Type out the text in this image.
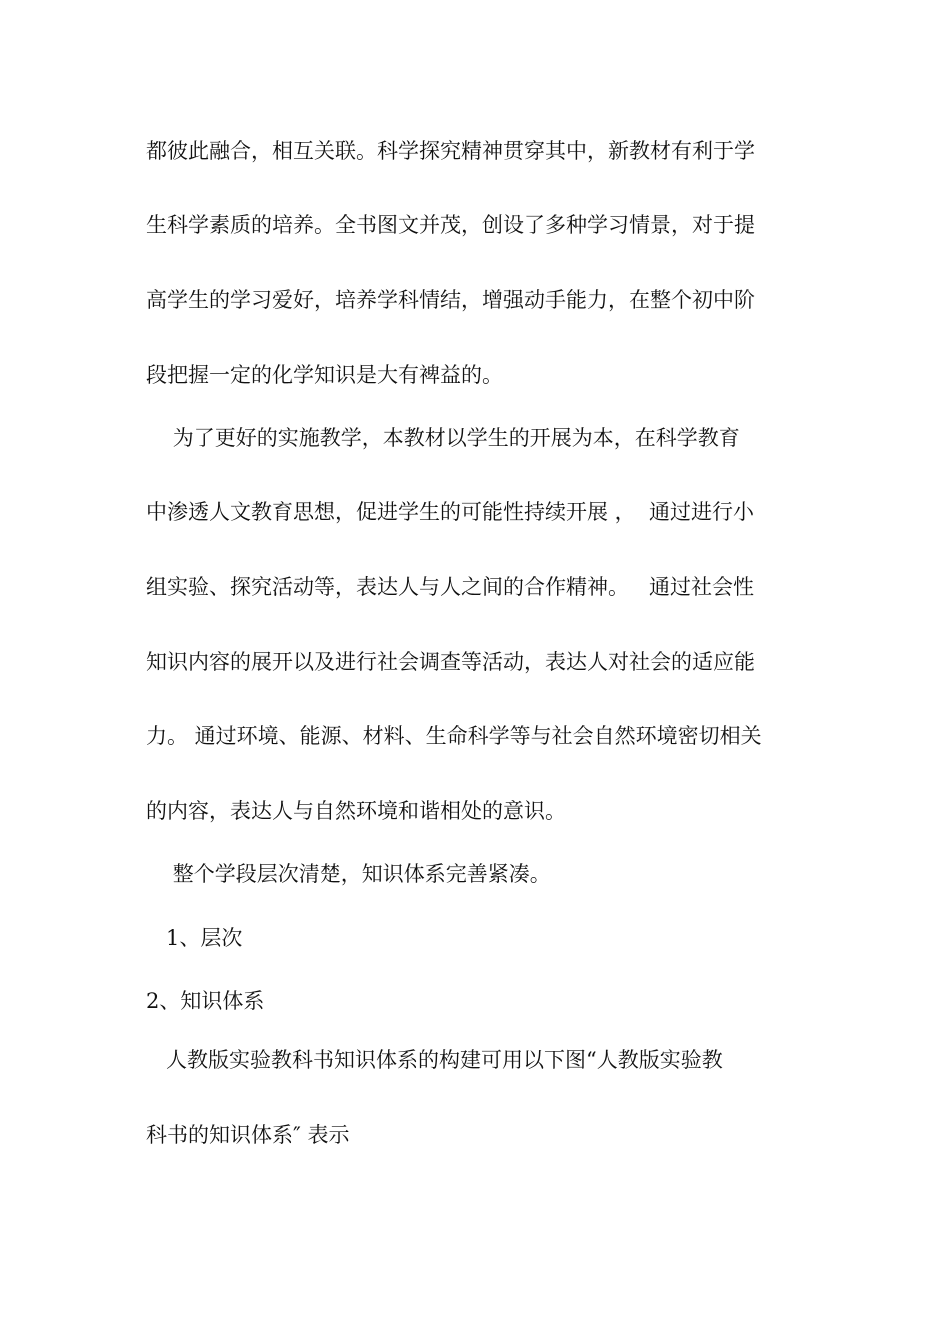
都彼此融合，相互关联。科学探究精神贯穿其中，新教材有利于学
生科学素质的培养。全书图文并茂，创设了多种学习情景，对于提
高学生的学习爱好，培养学科情结，增强动手能力，在整个初中阶
段把握一定的化学知识是大有裨益的。
为了更好的实施教学，本教材以学生的开展为本，在科学教育
中渗透人文教育思想，促进学生的可能性持续开展 ，  通过进行小
组实验、探究活动等，表达人与人之间的合作精神。   通过社会性
知识内容的展开以及进行社会调查等活动，表达人对社会的适应能
力。 通过环境、能源、材料、生命科学等与社会自然环境密切相关
的内容，表达人与自然环境和谐相处的意识。
整个学段层次清楚，知识体系完善紧凑。
1、层次
2、知识体系
人教版实验教科书知识体系的构建可用以下图“人教版实验教
科书的知识体系″ 表示
